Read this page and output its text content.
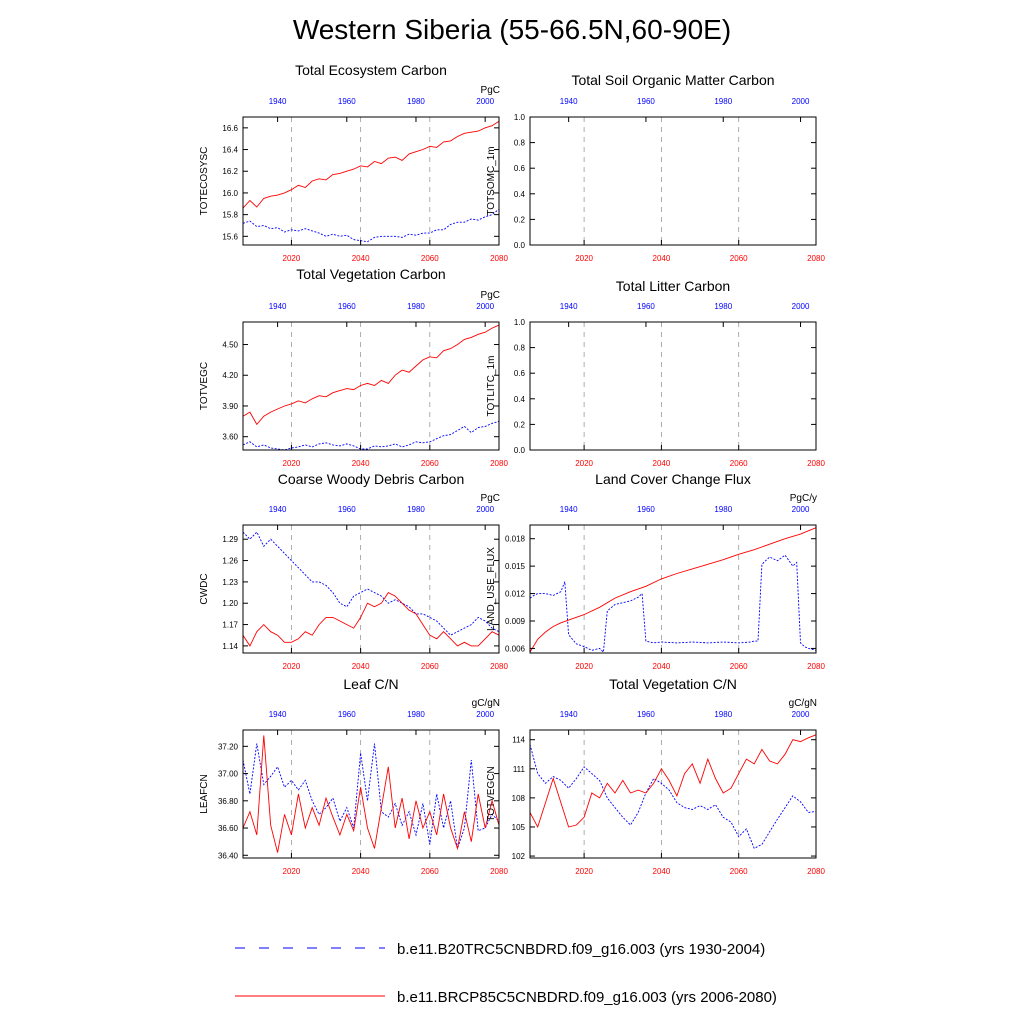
Western Siberia (55-66.5N,60-90E)
Total Ecosystem Carbon
PgC
15.6
15.8
16.0
16.2
16.4
16.6
2020	2040	2060	2080
1940	1960	1980	2000
TOTECOSYSC
Total Soil Organic Matter Carbon
0.0
0.2
0.4
0.6
0.8
1.0
2020	2040	2060	2080
1940	1960	1980	2000
TOTSOMC_1m
Total Vegetation Carbon
PgC
3.60
3.90
4.20
4.50
2020	2040	2060	2080
1940	1960	1980	2000
TOTVEGC
Total Litter Carbon
0.0
0.2
0.4
0.6
0.8
1.0
2020	2040	2060	2080
1940	1960	1980	2000
TOTLITC_1m
Coarse Woody Debris Carbon
PgC
1.14
1.17
1.20
1.23
1.26
1.29
2020	2040	2060	2080
1940	1960	1980	2000
CWDC
Land Cover Change Flux
PgC/y
0.006
0.009
0.012
0.015
0.018
2020	2040	2060	2080
1940	1960	1980	2000
LAND_USE_FLUX
Leaf C/N
gC/gN
36.40
36.60
36.80
37.00
37.20
2020	2040	2060	2080
1940	1960	1980	2000
LEAFCN
Total Vegetation C/N
gC/gN
102
105
108
111
114
2020	2040	2060	2080
1940	1960	1980	2000
TOTVEGCN
b.e11.B20TRC5CNBDRD.f09_g16.003 (yrs 1930-2004)
b.e11.BRCP85C5CNBDRD.f09_g16.003 (yrs 2006-2080)
